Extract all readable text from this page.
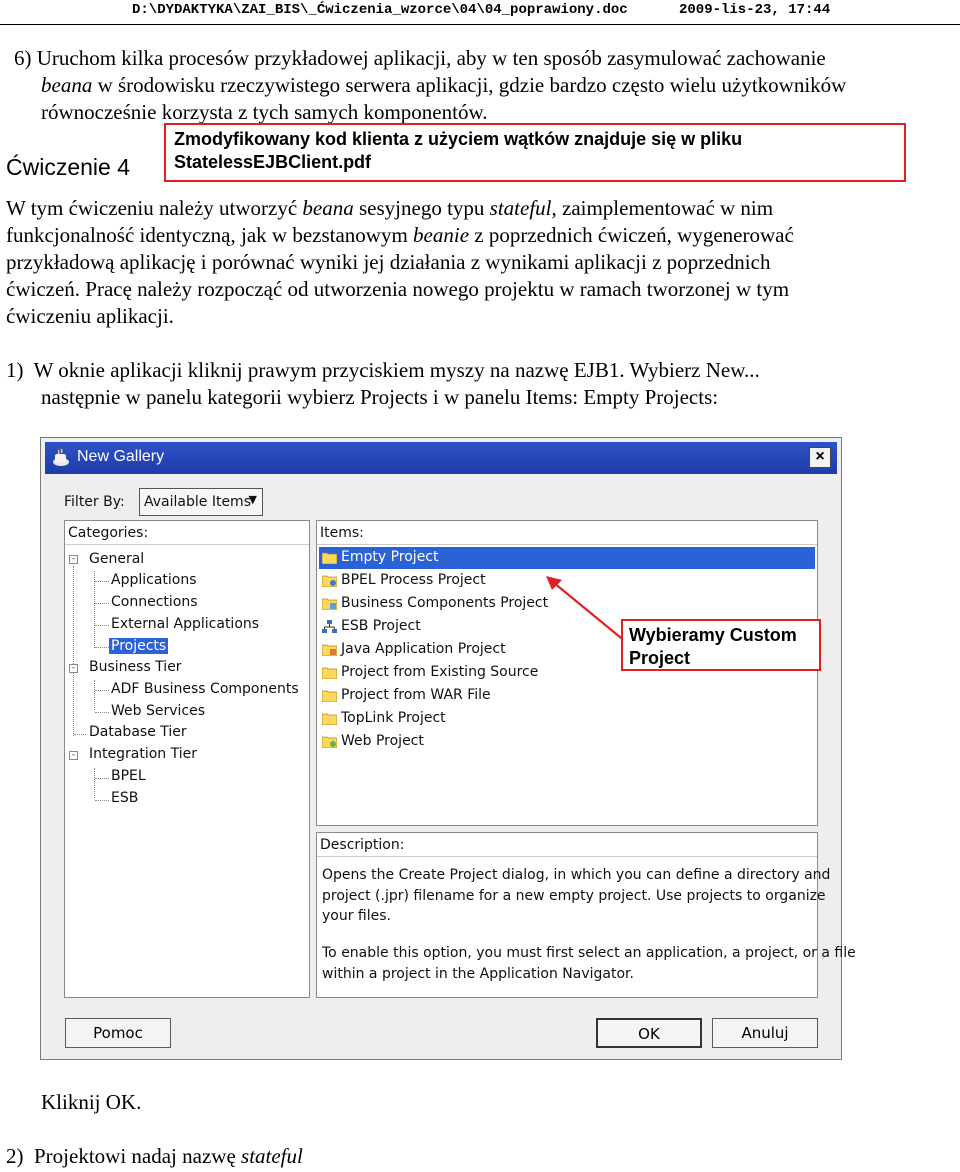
D:\DYDAKTYKA\ZAI_BIS\_Ćwiczenia_wzorce\04\04_poprawiony.doc	2009-lis-23, 17:44
6) Uruchom kilka procesów przykładowej aplikacji, aby w ten sposób zasymulować zachowanie
beana w środowisku rzeczywistego serwera aplikacji, gdzie bardzo często wielu użytkowników
równocześnie korzysta z tych samych komponentów.
Zmodyfikowany kod klienta z użyciem wątków znajduje się w pliku
StatelessEJBClient.pdf
Ćwiczenie 4
W tym ćwiczeniu należy utworzyć beana sesyjnego typu stateful, zaimplementować w nim
funkcjonalność identyczną, jak w bezstanowym beanie z poprzednich ćwiczeń, wygenerować
przykładową aplikację i porównać wyniki jej działania z wynikami aplikacji z poprzednich
ćwiczeń. Pracę należy rozpocząć od utworzenia nowego projektu w ramach tworzonej w tym
ćwiczeniu aplikacji.
1)  W oknie aplikacji kliknij prawym przyciskiem myszy na nazwę EJB1. Wybierz New...
następnie w panelu kategorii wybierz Projects i w panelu Items: Empty Projects:
New Gallery	×
Filter By: Available Items
▼
Categories:
-
-
-
General
Applications
Connections
External Applications
Projects
Business Tier
ADF Business Components
Web Services
Database Tier
Integration Tier
BPEL
ESB
Items:
Empty Project
BPEL Process Project
Business Components Project
ESB Project
Java Application Project
Project from Existing Source
Project from WAR File
TopLink Project
Web Project
Description:
Opens the Create Project dialog, in which you can define a directory and
project (.jpr) filename for a new empty project. Use projects to organize
your files.
To enable this option, you must first select an application, a project, or a file
within a project in the Application Navigator.
Pomoc	OK	Anuluj
Wybieramy Custom
Project
Kliknij OK.
2)  Projektowi nadaj nazwę stateful
